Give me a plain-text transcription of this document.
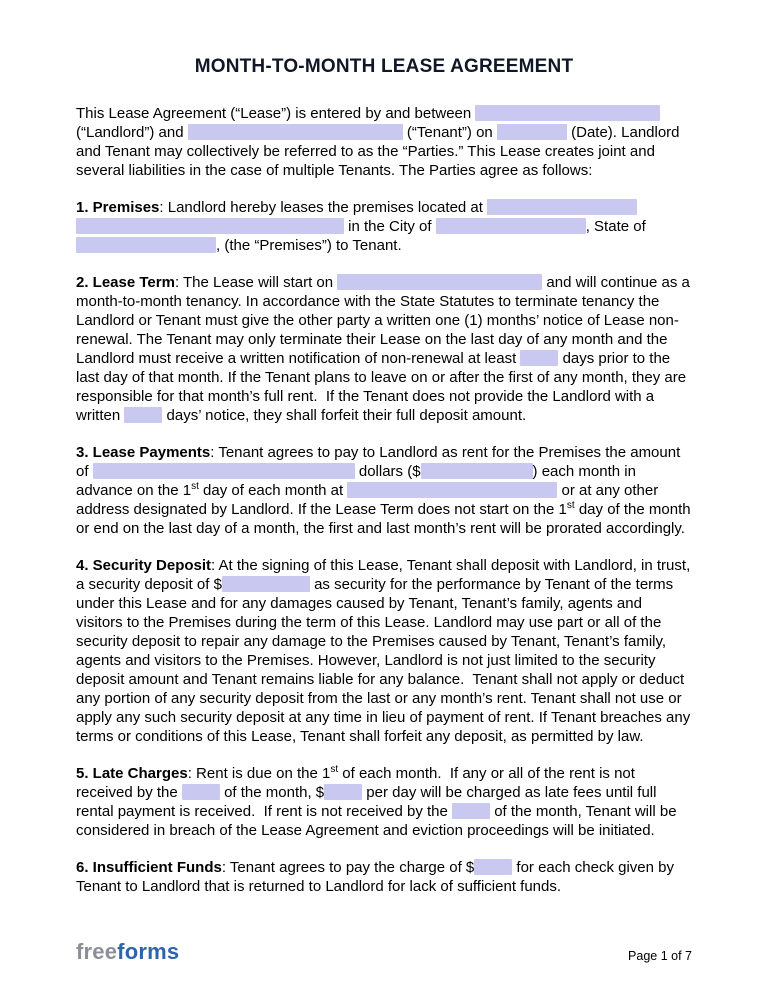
MONTH-TO-MONTH LEASE AGREEMENT

This Lease Agreement (“Lease”) is entered by and between	(“Landlord”) and	(“Tenant”) on	(Date). Landlord and Tenant may collectively be referred to as the “Parties.” This Lease creates joint and several liabilities in the case of multiple Tenants. The Parties agree as follows:

1. Premises: Landlord hereby leases the premises located at   in the City of	, State of , (the “Premises”) to Tenant.

2. Lease Term: The Lease will start on	and will continue as a month-to-month tenancy. In accordance with the State Statutes to terminate tenancy the Landlord or Tenant must give the other party a written one (1) months’ notice of Lease non-renewal. The Tenant may only terminate their Lease on the last day of any month and the Landlord must receive a written notification of non-renewal at least	days prior to the last day of that month. If the Tenant plans to leave on or after the first of any month, they are responsible for that month’s full rent.  If the Tenant does not provide the Landlord with a written	days’ notice, they shall forfeit their full deposit amount.

3. Lease Payments: Tenant agrees to pay to Landlord as rent for the Premises the amount of	dollars ($	) each month in advance on the 1st day of each month at	or at any other address designated by Landlord. If the Lease Term does not start on the 1st day of the month or end on the last day of a month, the first and last month’s rent will be prorated accordingly.

4. Security Deposit: At the signing of this Lease, Tenant shall deposit with Landlord, in trust, a security deposit of $	as security for the performance by Tenant of the terms under this Lease and for any damages caused by Tenant, Tenant’s family, agents and visitors to the Premises during the term of this Lease. Landlord may use part or all of the security deposit to repair any damage to the Premises caused by Tenant, Tenant’s family, agents and visitors to the Premises. However, Landlord is not just limited to the security deposit amount and Tenant remains liable for any balance.  Tenant shall not apply or deduct any portion of any security deposit from the last or any month’s rent. Tenant shall not use or apply any such security deposit at any time in lieu of payment of rent. If Tenant breaches any terms or conditions of this Lease, Tenant shall forfeit any deposit, as permitted by law.

5. Late Charges: Rent is due on the 1st of each month.  If any or all of the rent is not received by the	of the month, $	per day will be charged as late fees until full rental payment is received.  If rent is not received by the	of the month, Tenant will be considered in breach of the Lease Agreement and eviction proceedings will be initiated.

6. Insufficient Funds: Tenant agrees to pay the charge of $	for each check given by Tenant to Landlord that is returned to Landlord for lack of sufficient funds.

freeforms	Page 1 of 7
